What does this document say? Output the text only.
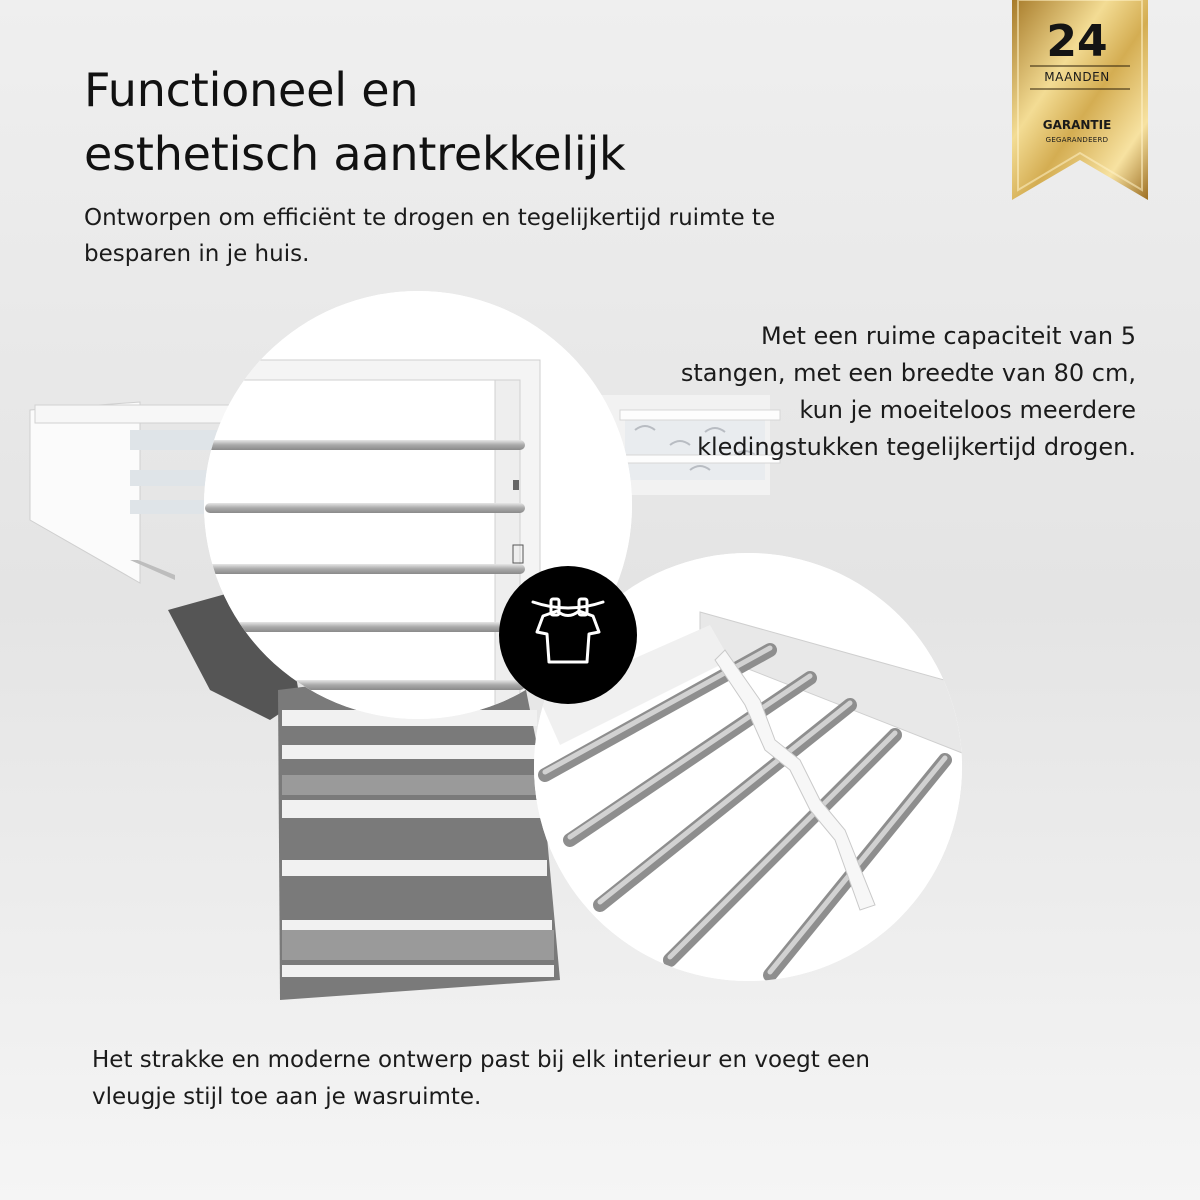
Functioneel en
esthetisch aantrekkelijk

Ontworpen om efficiënt te drogen en tegelijkertijd ruimte te besparen in je huis.

Met een ruime capaciteit van 5 stangen, met een breedte van 80 cm, kun je moeiteloos meerdere kledingstukken tegelijkertijd drogen.

Het strakke en moderne ontwerp past bij elk interieur en voegt een vleugje stijl toe aan je wasruimte.

24
MAANDEN
GARANTIE
GEGARANDEERD
